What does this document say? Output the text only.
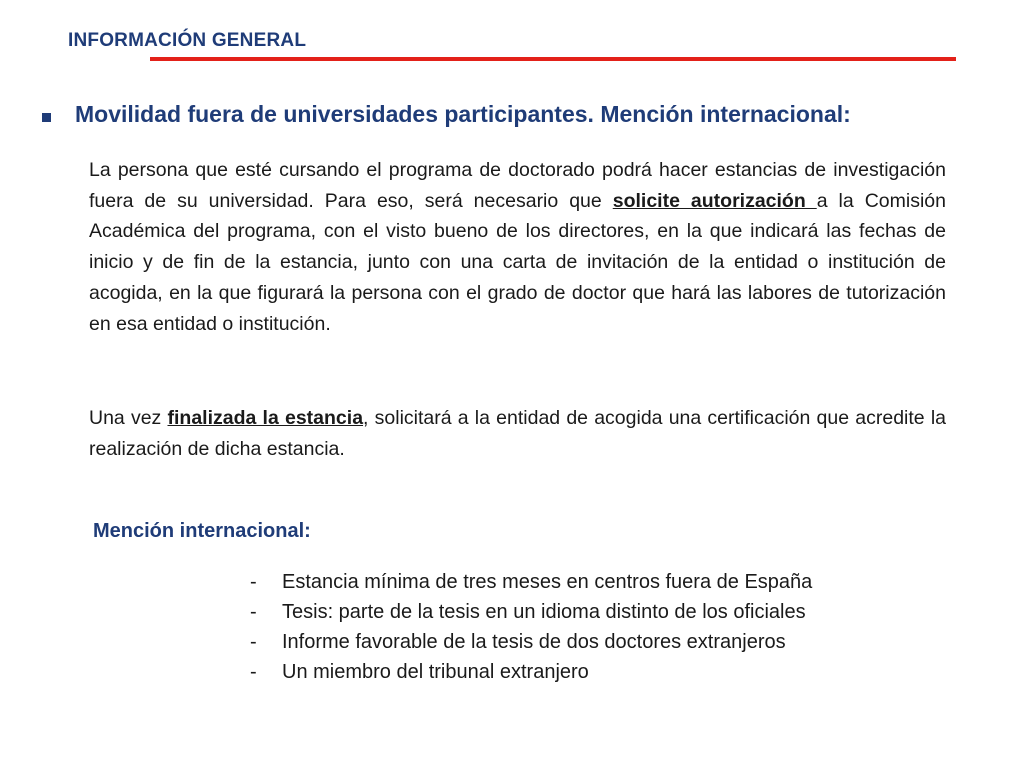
INFORMACIÓN GENERAL
Movilidad fuera de universidades participantes. Mención internacional:

La persona que esté cursando el programa de doctorado podrá hacer estancias de investigación fuera de su universidad. Para eso, será necesario que solicite autorización a la Comisión Académica del programa, con el visto bueno de los directores, en la que indicará las fechas de inicio y de fin de la estancia, junto con una carta de invitación de la entidad o institución de acogida, en la que figurará la persona con el grado de doctor que hará las labores de tutorización en esa entidad o institución.

Una vez finalizada la estancia, solicitará a la entidad de acogida una certificación que acredite la realización de dicha estancia.

Mención internacional:
- Estancia mínima de tres meses en centros fuera de España
- Tesis: parte de la tesis en un idioma distinto de los oficiales
- Informe favorable de la tesis de dos doctores extranjeros
- Un miembro del tribunal extranjero
